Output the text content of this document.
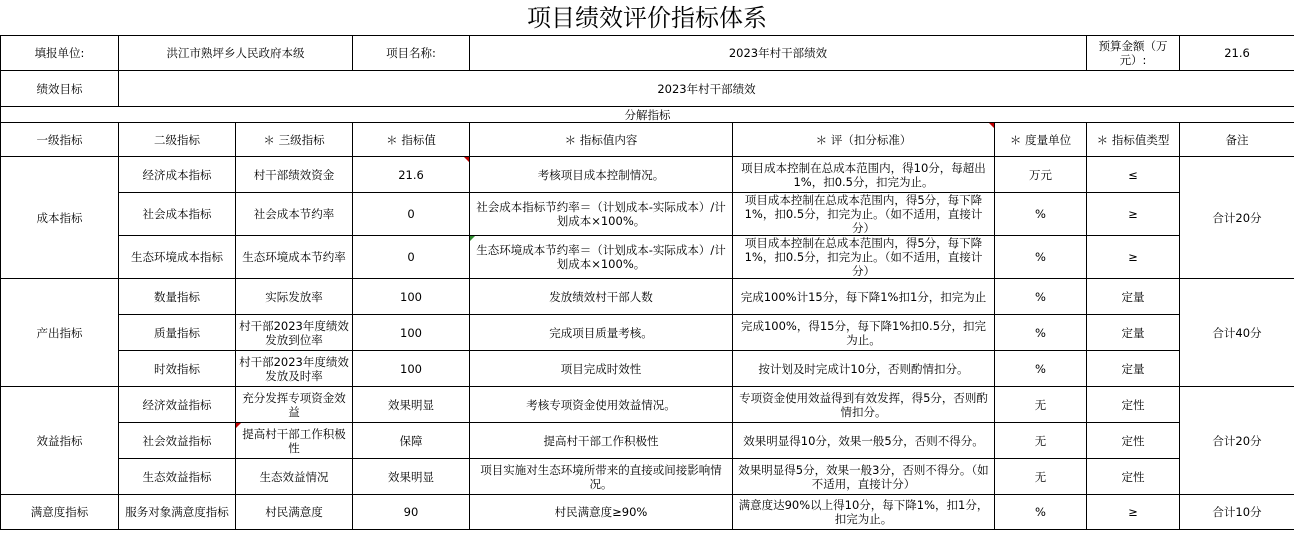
项目绩效评价指标体系
填报单位:	洪江市熟坪乡人民政府本级		项目名称:	2023年村干部绩效			预算金额（万元）:	21.6
绩效目标	2023年村干部绩效							
分解指标								
一级指标	二级指标	＊ 三级指标	＊ 指标值	＊ 指标值内容	＊ 评（扣分标准）	＊ 度量单位	＊ 指标值类型	备注
成本指标	经济成本指标	村干部绩效资金	21.6	考核项目成本控制情况。	项目成本控制在总成本范围内，得10分，每超出1%，扣0.5分，扣完为止。	万元	≤	合计20分
	社会成本指标	社会成本节约率	0	社会成本指标节约率＝（计划成本-实际成本）/计划成本×100%。	项目成本控制在总成本范围内，得5分，每下降1%，扣0.5分，扣完为止。（如不适用，直接计分）	%	≥	
	生态环境成本指标	生态环境成本节约率	0	生态环境成本节约率＝（计划成本-实际成本）/计划成本×100%。	项目成本控制在总成本范围内，得5分，每下降1%，扣0.5分，扣完为止。（如不适用，直接计分）	%	≥	
产出指标	数量指标	实际发放率	100	发放绩效村干部人数	完成100%计15分，每下降1%扣1分，扣完为止	%	定量	合计40分
	质量指标	村干部2023年度绩效发放到位率	100	完成项目质量考核。	完成100%，得15分，每下降1%扣0.5分，扣完为止。	%	定量	
	时效指标	村干部2023年度绩效发放及时率	100	项目完成时效性	按计划及时完成计10分，否则酌情扣分。	%	定量	
效益指标	经济效益指标	充分发挥专项资金效益	效果明显	考核专项资金使用效益情况。	专项资金使用效益得到有效发挥，得5分，否则酌情扣分。	无	定性	合计20分
	社会效益指标	提高村干部工作积极性	保障	提高村干部工作积极性	效果明显得10分，效果一般5分，否则不得分。	无	定性	
	生态效益指标	生态效益情况	效果明显	项目实施对生态环境所带来的直接或间接影响情况。	效果明显得5分，效果一般3分，否则不得分。（如不适用，直接计分）	无	定性	
满意度指标	服务对象满意度指标	村民满意度	90	村民满意度≥90%	满意度达90%以上得10分，每下降1%，扣1分，扣完为止。	%	≥	合计10分
